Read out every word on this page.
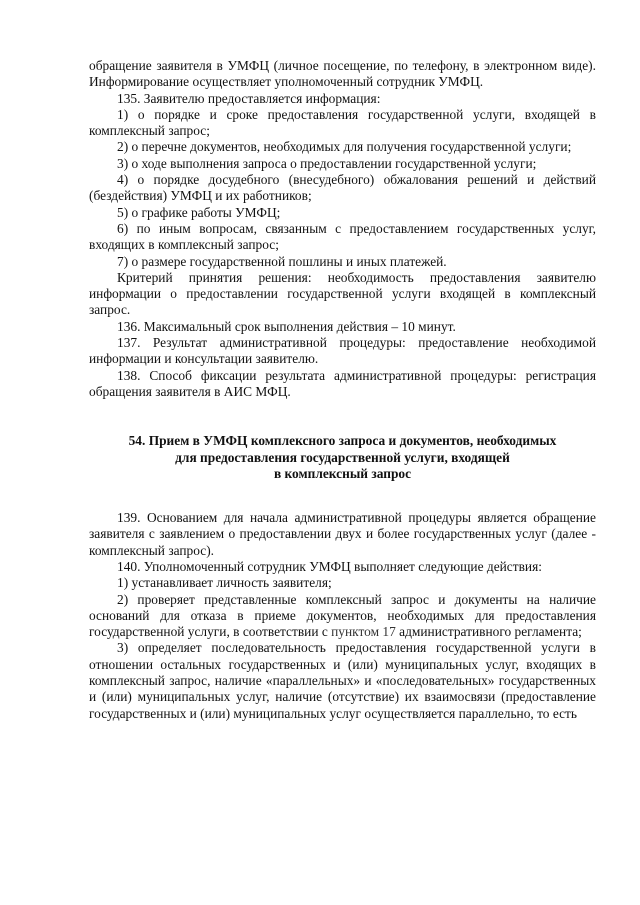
обращение заявителя в УМФЦ (личное посещение, по телефону, в электронном виде). Информирование осуществляет уполномоченный сотрудник УМФЦ.

135. Заявителю предоставляется информация:

1) о порядке и сроке предоставления государственной услуги, входящей в комплексный запрос;

2) о перечне документов, необходимых для получения государственной услуги;

3) о ходе выполнения запроса о предоставлении государственной услуги;

4) о порядке досудебного (внесудебного) обжалования решений и действий (бездействия) УМФЦ и их работников;

5) о графике работы УМФЦ;

6) по иным вопросам, связанным с предоставлением государственных услуг, входящих в комплексный запрос;

7) о размере государственной пошлины и иных платежей.

Критерий принятия решения: необходимость предоставления заявителю информации о предоставлении государственной услуги входящей в комплексный запрос.

136. Максимальный срок выполнения действия – 10 минут.

137. Результат административной процедуры: предоставление необходимой информации и консультации заявителю.

138. Способ фиксации результата административной процедуры: регистрация обращения заявителя в АИС МФЦ.

54. Прием в УМФЦ комплексного запроса и документов, необходимых

для предоставления государственной услуги, входящей

в комплексный запрос

139. Основанием для начала административной процедуры является обращение заявителя с заявлением о предоставлении двух и более государственных услуг (далее - комплексный запрос).

140. Уполномоченный сотрудник УМФЦ выполняет следующие действия:

1) устанавливает личность заявителя;

2) проверяет представленные комплексный запрос и документы на наличие оснований для отказа в приеме документов, необходимых для предоставления государственной услуги, в соответствии с пунктом 17 административного регламента;

3) определяет последовательность предоставления государственной услуги в отношении остальных государственных и (или) муниципальных услуг, входящих в комплексный запрос, наличие «параллельных» и «последовательных» государственных и (или) муниципальных услуг, наличие (отсутствие) их взаимосвязи (предоставление государственных и (или) муниципальных услуг осуществляется параллельно, то есть
